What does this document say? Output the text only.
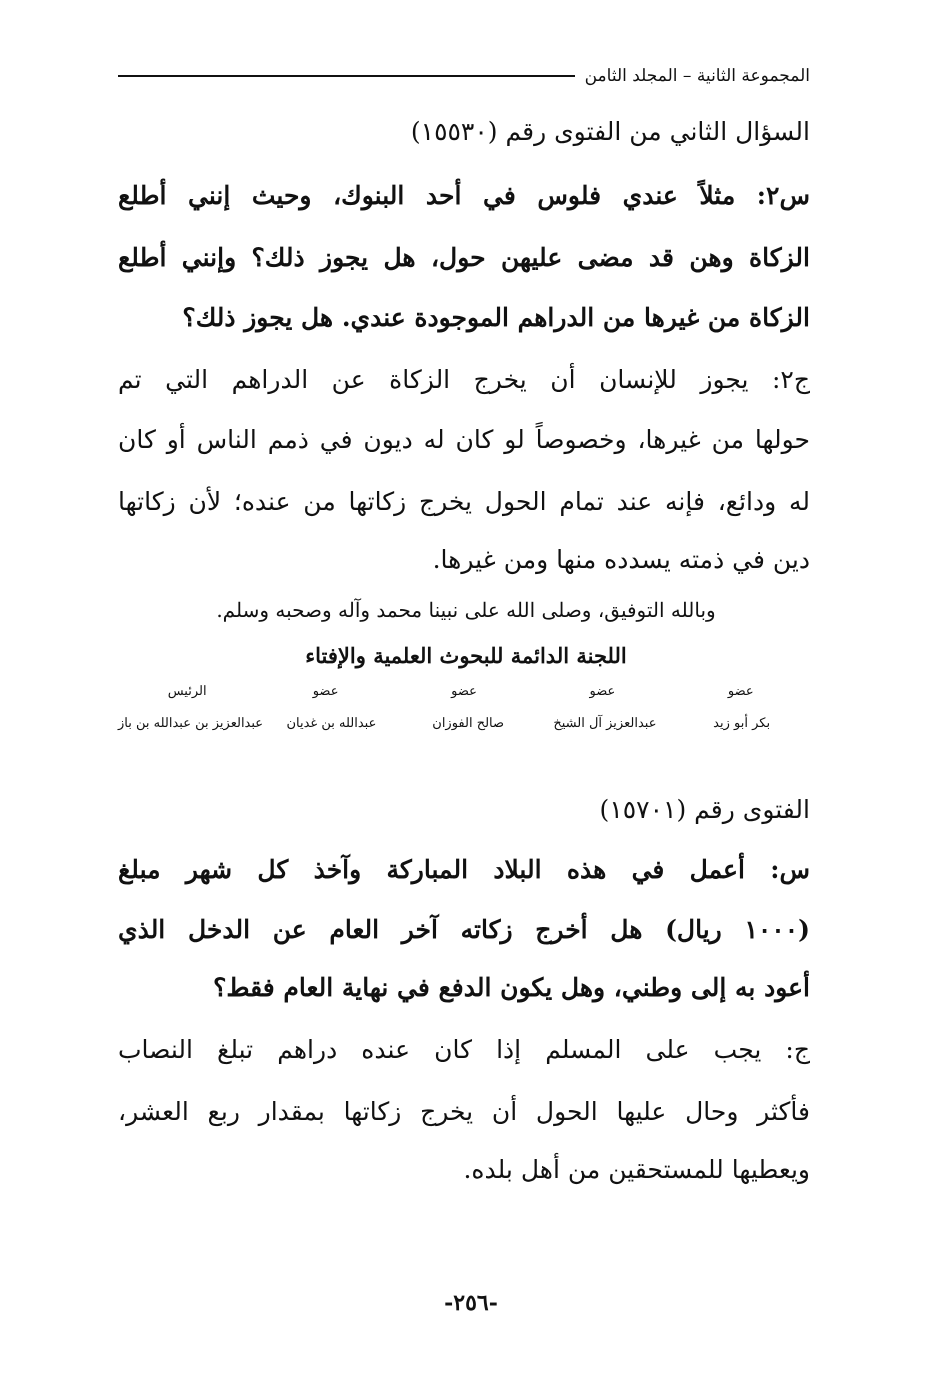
المجموعة الثانية – المجلد الثامن
السؤال الثاني من الفتوى رقم (١٥٥٣٠)
س٢: مثلاً عندي فلوس في أحد البنوك، وحيث إنني أطلع
الزكاة وهن قد مضى عليهن حول، هل يجوز ذلك؟ وإنني أطلع
الزكاة من غيرها من الدراهم الموجودة عندي. هل يجوز ذلك؟
ج٢: يجوز للإنسان أن يخرج الزكاة عن الدراهم التي تم
حولها من غيرها، وخصوصاً لو كان له ديون في ذمم الناس أو كان
له ودائع، فإنه عند تمام الحول يخرج زكاتها من عنده؛ لأن زكاتها
دين في ذمته يسدده منها ومن غيرها.
وبالله التوفيق، وصلى الله على نبينا محمد وآله وصحبه وسلم.
اللجنة الدائمة للبحوث العلمية والإفتاء
عضو
عضو
عضو
عضو
الرئيس
بكر أبو زيد
عبدالعزيز آل الشيخ
صالح الفوزان
عبدالله بن غديان
عبدالعزيز بن عبدالله بن باز
الفتوى رقم (١٥٧٠١)
س: أعمل في هذه البلاد المباركة وآخذ كل شهر مبلغ
(١٠٠٠ ريال) هل أخرج زكاته آخر العام عن الدخل الذي
أعود به إلى وطني، وهل يكون الدفع في نهاية العام فقط؟
ج: يجب على المسلم إذا كان عنده دراهم تبلغ النصاب
فأكثر وحال عليها الحول أن يخرج زكاتها بمقدار ربع العشر،
ويعطيها للمستحقين من أهل بلده.
-٢٥٦-
